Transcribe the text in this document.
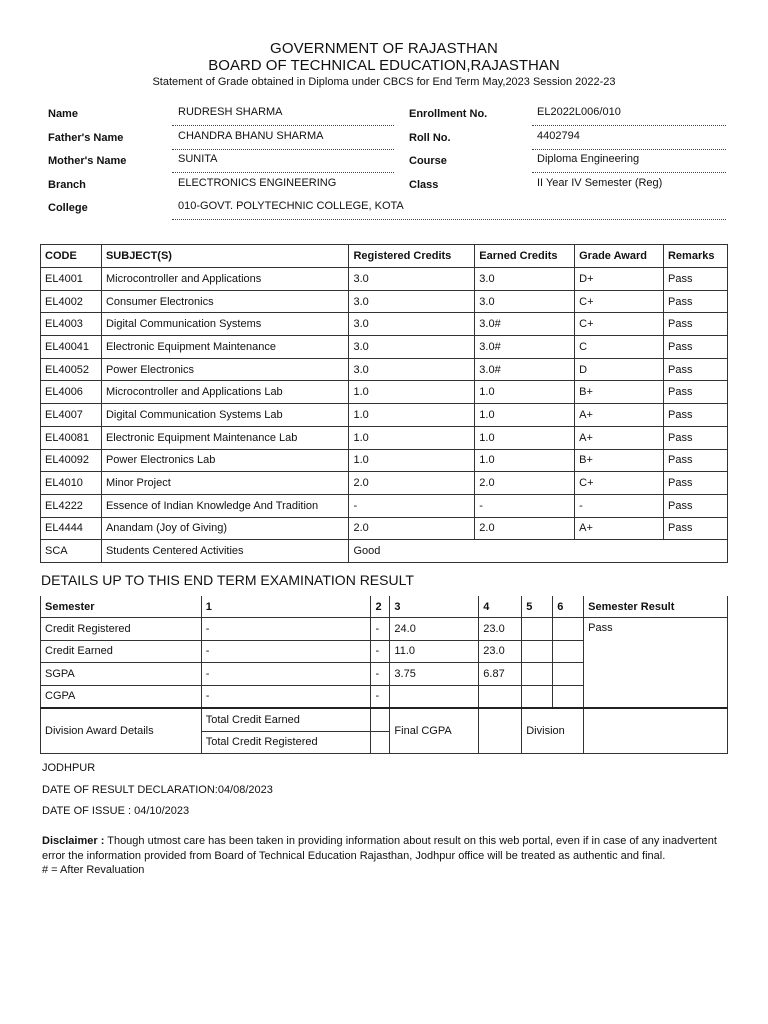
GOVERNMENT OF RAJASTHAN
BOARD OF TECHNICAL EDUCATION,RAJASTHAN
Statement of Grade obtained in Diploma under CBCS for End Term May,2023 Session 2022-23
Name	RUDRESH SHARMA	Enrollment No.	EL2022L006/010
Father's Name	CHANDRA BHANU SHARMA	Roll No.	4402794
Mother's Name	SUNITA	Course	Diploma Engineering
Branch	ELECTRONICS ENGINEERING	Class	II Year IV Semester (Reg)
College	010-GOVT. POLYTECHNIC COLLEGE, KOTA
CODE	SUBJECT(S)	Registered Credits	Earned Credits	Grade Award	Remarks
EL4001	Microcontroller and Applications	3.0	3.0	D+	Pass
EL4002	Consumer Electronics	3.0	3.0	C+	Pass
EL4003	Digital Communication Systems	3.0	3.0#	C+	Pass
EL40041	Electronic Equipment Maintenance	3.0	3.0#	C	Pass
EL40052	Power Electronics	3.0	3.0#	D	Pass
EL4006	Microcontroller and Applications Lab	1.0	1.0	B+	Pass
EL4007	Digital Communication Systems Lab	1.0	1.0	A+	Pass
EL40081	Electronic Equipment Maintenance Lab	1.0	1.0	A+	Pass
EL40092	Power Electronics Lab	1.0	1.0	B+	Pass
EL4010	Minor Project	2.0	2.0	C+	Pass
EL4222	Essence of Indian Knowledge And Tradition	-	-	-	Pass
EL4444	Anandam (Joy of Giving)	2.0	2.0	A+	Pass
SCA	Students Centered Activities	Good			
DETAILS UP TO THIS END TERM EXAMINATION RESULT
Semester	1	2	3	4	5	6	Semester Result
Credit Registered	-	-	24.0	23.0			Pass
Credit Earned	-	-	11.0	23.0			
SGPA	-	-	3.75	6.87			
CGPA	-	-					
Division Award Details	Total Credit Earned		Final CGPA		Division		
	Total Credit Registered						
JODHPUR
DATE OF RESULT DECLARATION:04/08/2023
DATE OF ISSUE : 04/10/2023
Disclaimer : Though utmost care has been taken in providing information about result on this web portal, even if in case of any inadvertent error the information provided from Board of Technical Education Rajasthan, Jodhpur office will be treated as authentic and final.
# = After Revaluation
